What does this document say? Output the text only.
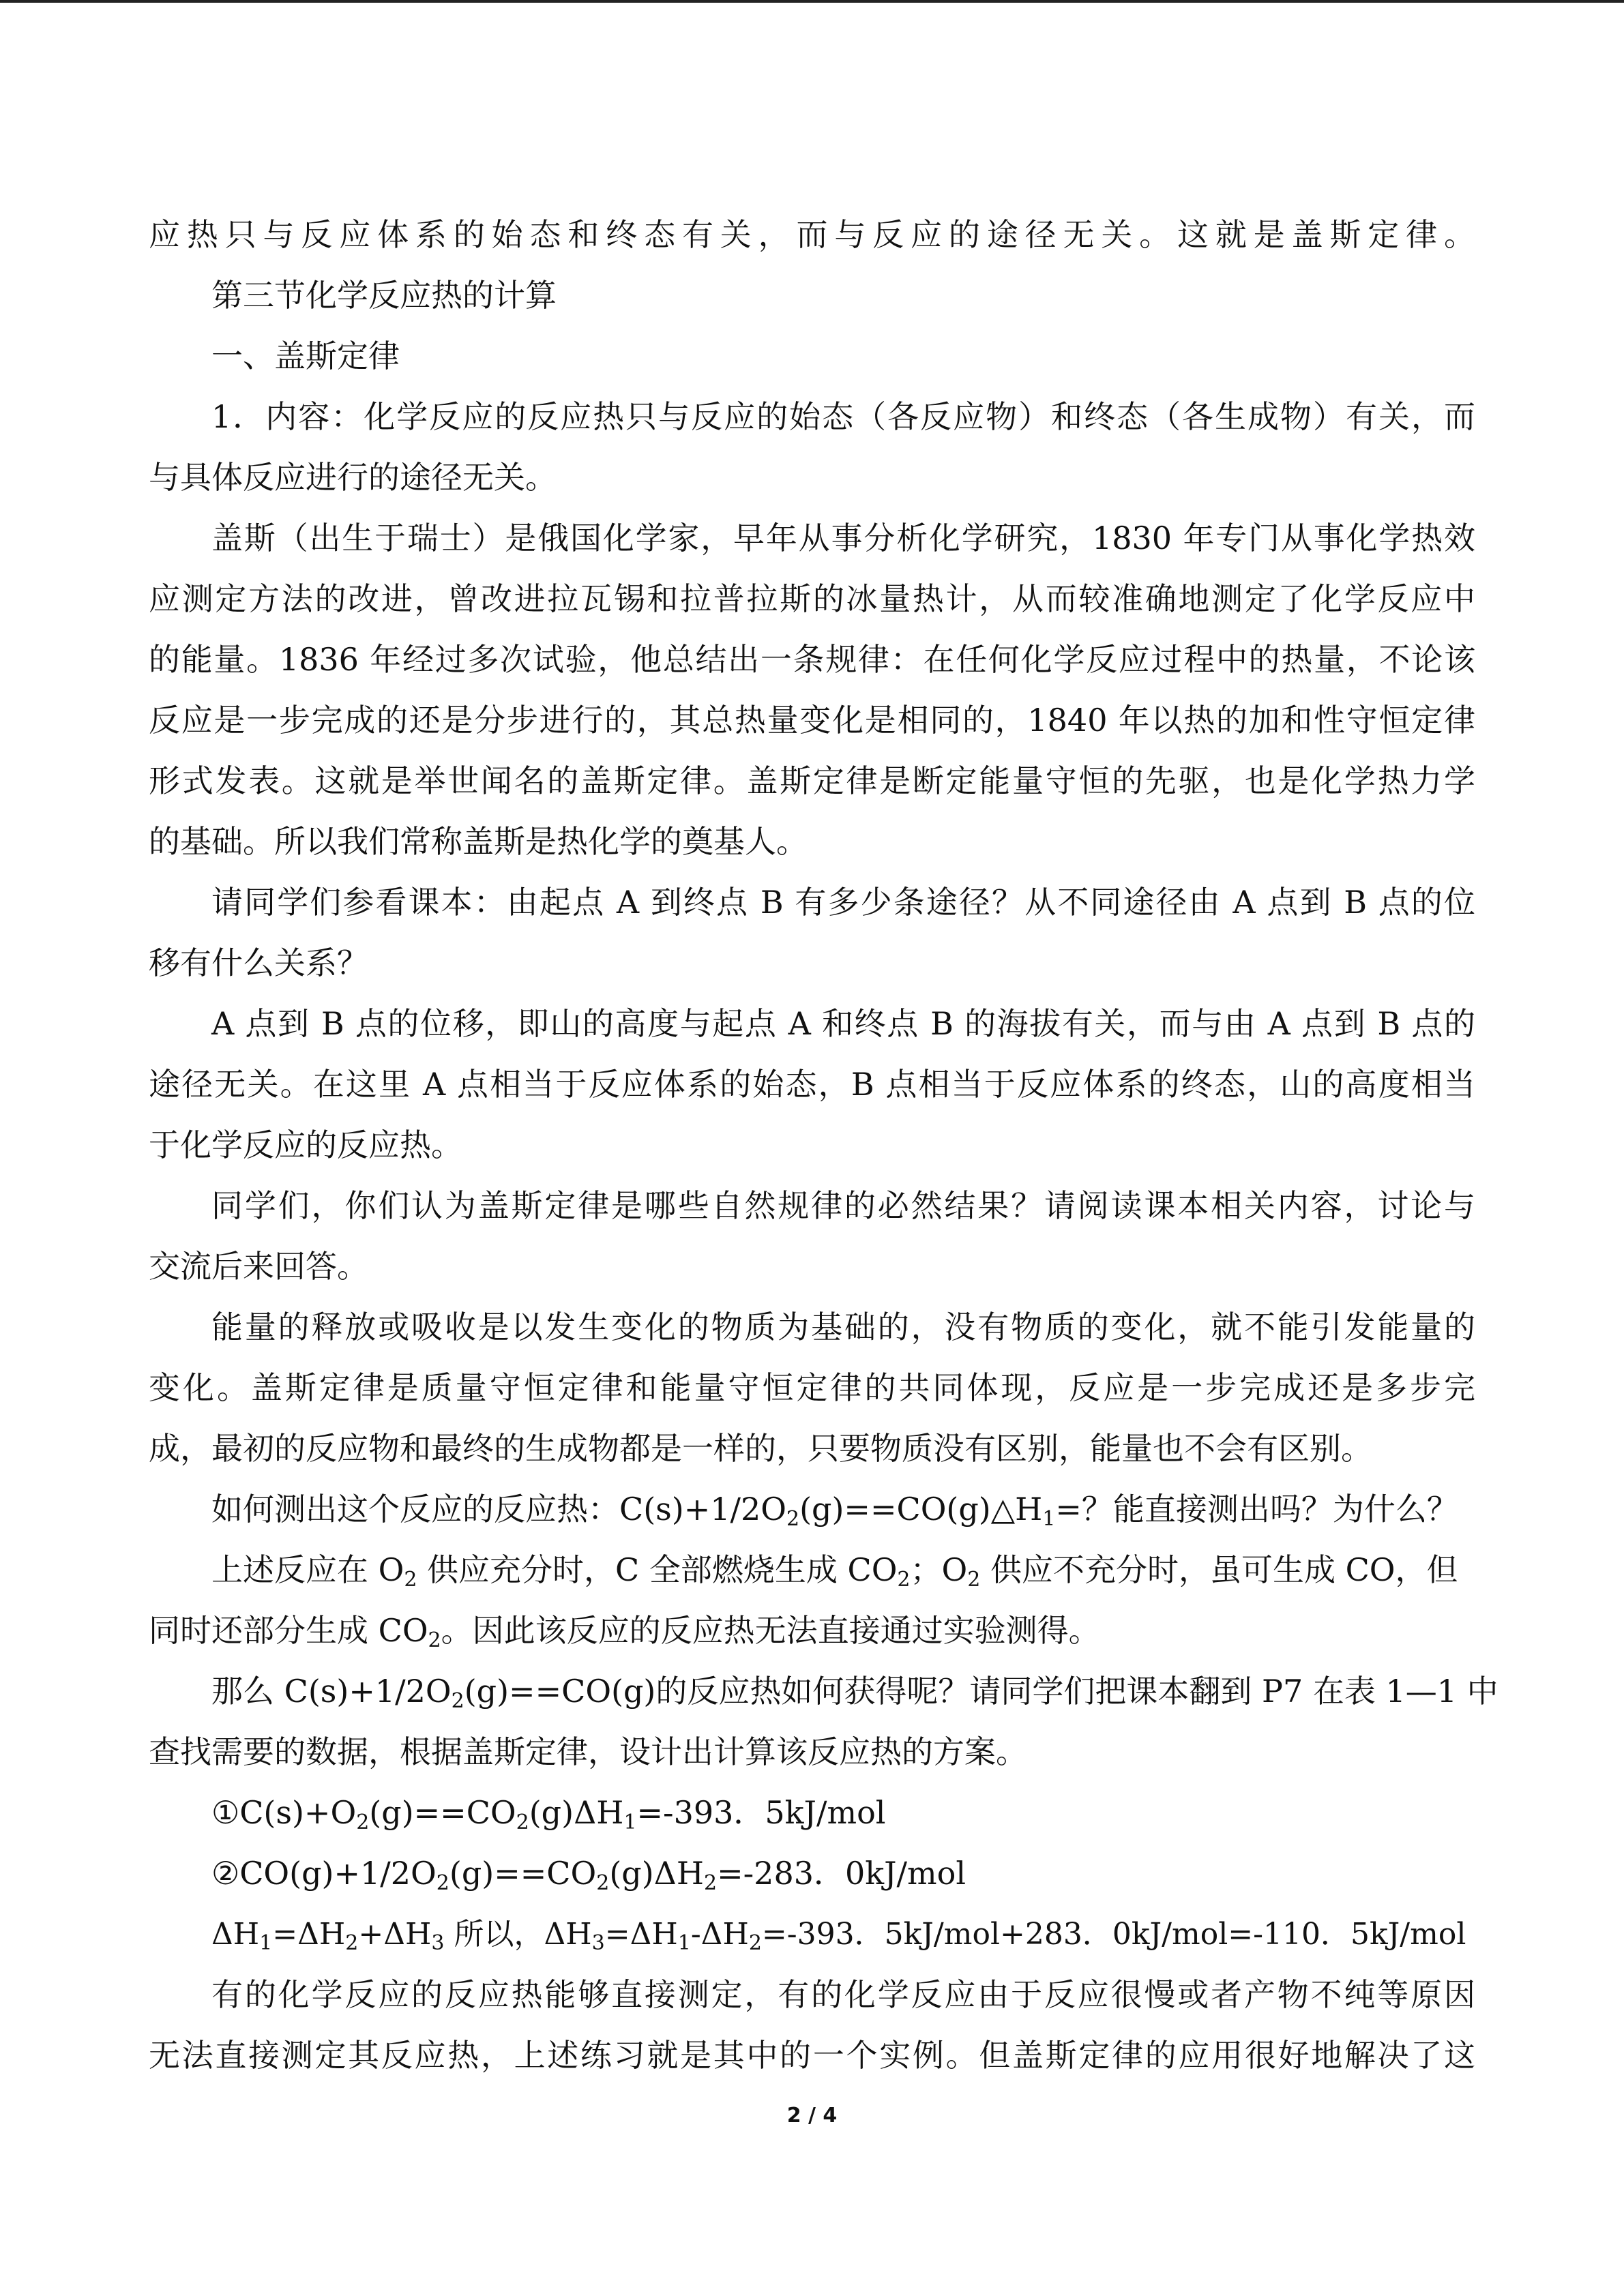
应热只与反应体系的始态和终态有关，而与反应的途径无关。这就是盖斯定律。
第三节化学反应热的计算
一、盖斯定律
1．内容：化学反应的反应热只与反应的始态（各反应物）和终态（各生成物）有关，而
与具体反应进行的途径无关。
盖斯（出生于瑞士）是俄国化学家，早年从事分析化学研究，1830 年专门从事化学热效
应测定方法的改进，曾改进拉瓦锡和拉普拉斯的冰量热计，从而较准确地测定了化学反应中
的能量。1836 年经过多次试验，他总结出一条规律：在任何化学反应过程中的热量，不论该
反应是一步完成的还是分步进行的，其总热量变化是相同的，1840 年以热的加和性守恒定律
形式发表。这就是举世闻名的盖斯定律。盖斯定律是断定能量守恒的先驱，也是化学热力学
的基础。所以我们常称盖斯是热化学的奠基人。
请同学们参看课本：由起点 A 到终点 B 有多少条途径？从不同途径由 A 点到 B 点的位
移有什么关系？
A 点到 B 点的位移，即山的高度与起点 A 和终点 B 的海拔有关，而与由 A 点到 B 点的
途径无关。在这里 A 点相当于反应体系的始态，B 点相当于反应体系的终态，山的高度相当
于化学反应的反应热。
同学们，你们认为盖斯定律是哪些自然规律的必然结果？请阅读课本相关内容，讨论与
交流后来回答。
能量的释放或吸收是以发生变化的物质为基础的，没有物质的变化，就不能引发能量的
变化。盖斯定律是质量守恒定律和能量守恒定律的共同体现，反应是一步完成还是多步完
成，最初的反应物和最终的生成物都是一样的，只要物质没有区别，能量也不会有区别。
如何测出这个反应的反应热：$C(s)+1/2O_2(g)==CO(g)\triangle H_1=$？能直接测出吗？为什么？
上述反应在 $O_2$ 供应充分时，C 全部燃烧生成 $CO_2$；$O_2$ 供应不充分时，虽可生成 CO，但
同时还部分生成 $CO_2$。因此该反应的反应热无法直接通过实验测得。
那么 $C(s)+1/2O_2(g)==CO(g)$的反应热如何获得呢？请同学们把课本翻到 P7 在表 1—1 中
查找需要的数据，根据盖斯定律，设计出计算该反应热的方案。
$①C(s)+O_2(g)==CO_2(g)\Delta H_1=-393$．5kJ/mol
$②CO(g)+1/2O_2(g)==CO_2(g)\Delta H_2=-283$．0kJ/mol
$\Delta H_1=\Delta H_2+\Delta H_3$ 所以，$\Delta H_3=\Delta H_1-\Delta H_2=-393$．5kJ/mol+283．0kJ/mol=-110．5kJ/mol
有的化学反应的反应热能够直接测定，有的化学反应由于反应很慢或者产物不纯等原因
无法直接测定其反应热，上述练习就是其中的一个实例。但盖斯定律的应用很好地解决了这
2 / 4
